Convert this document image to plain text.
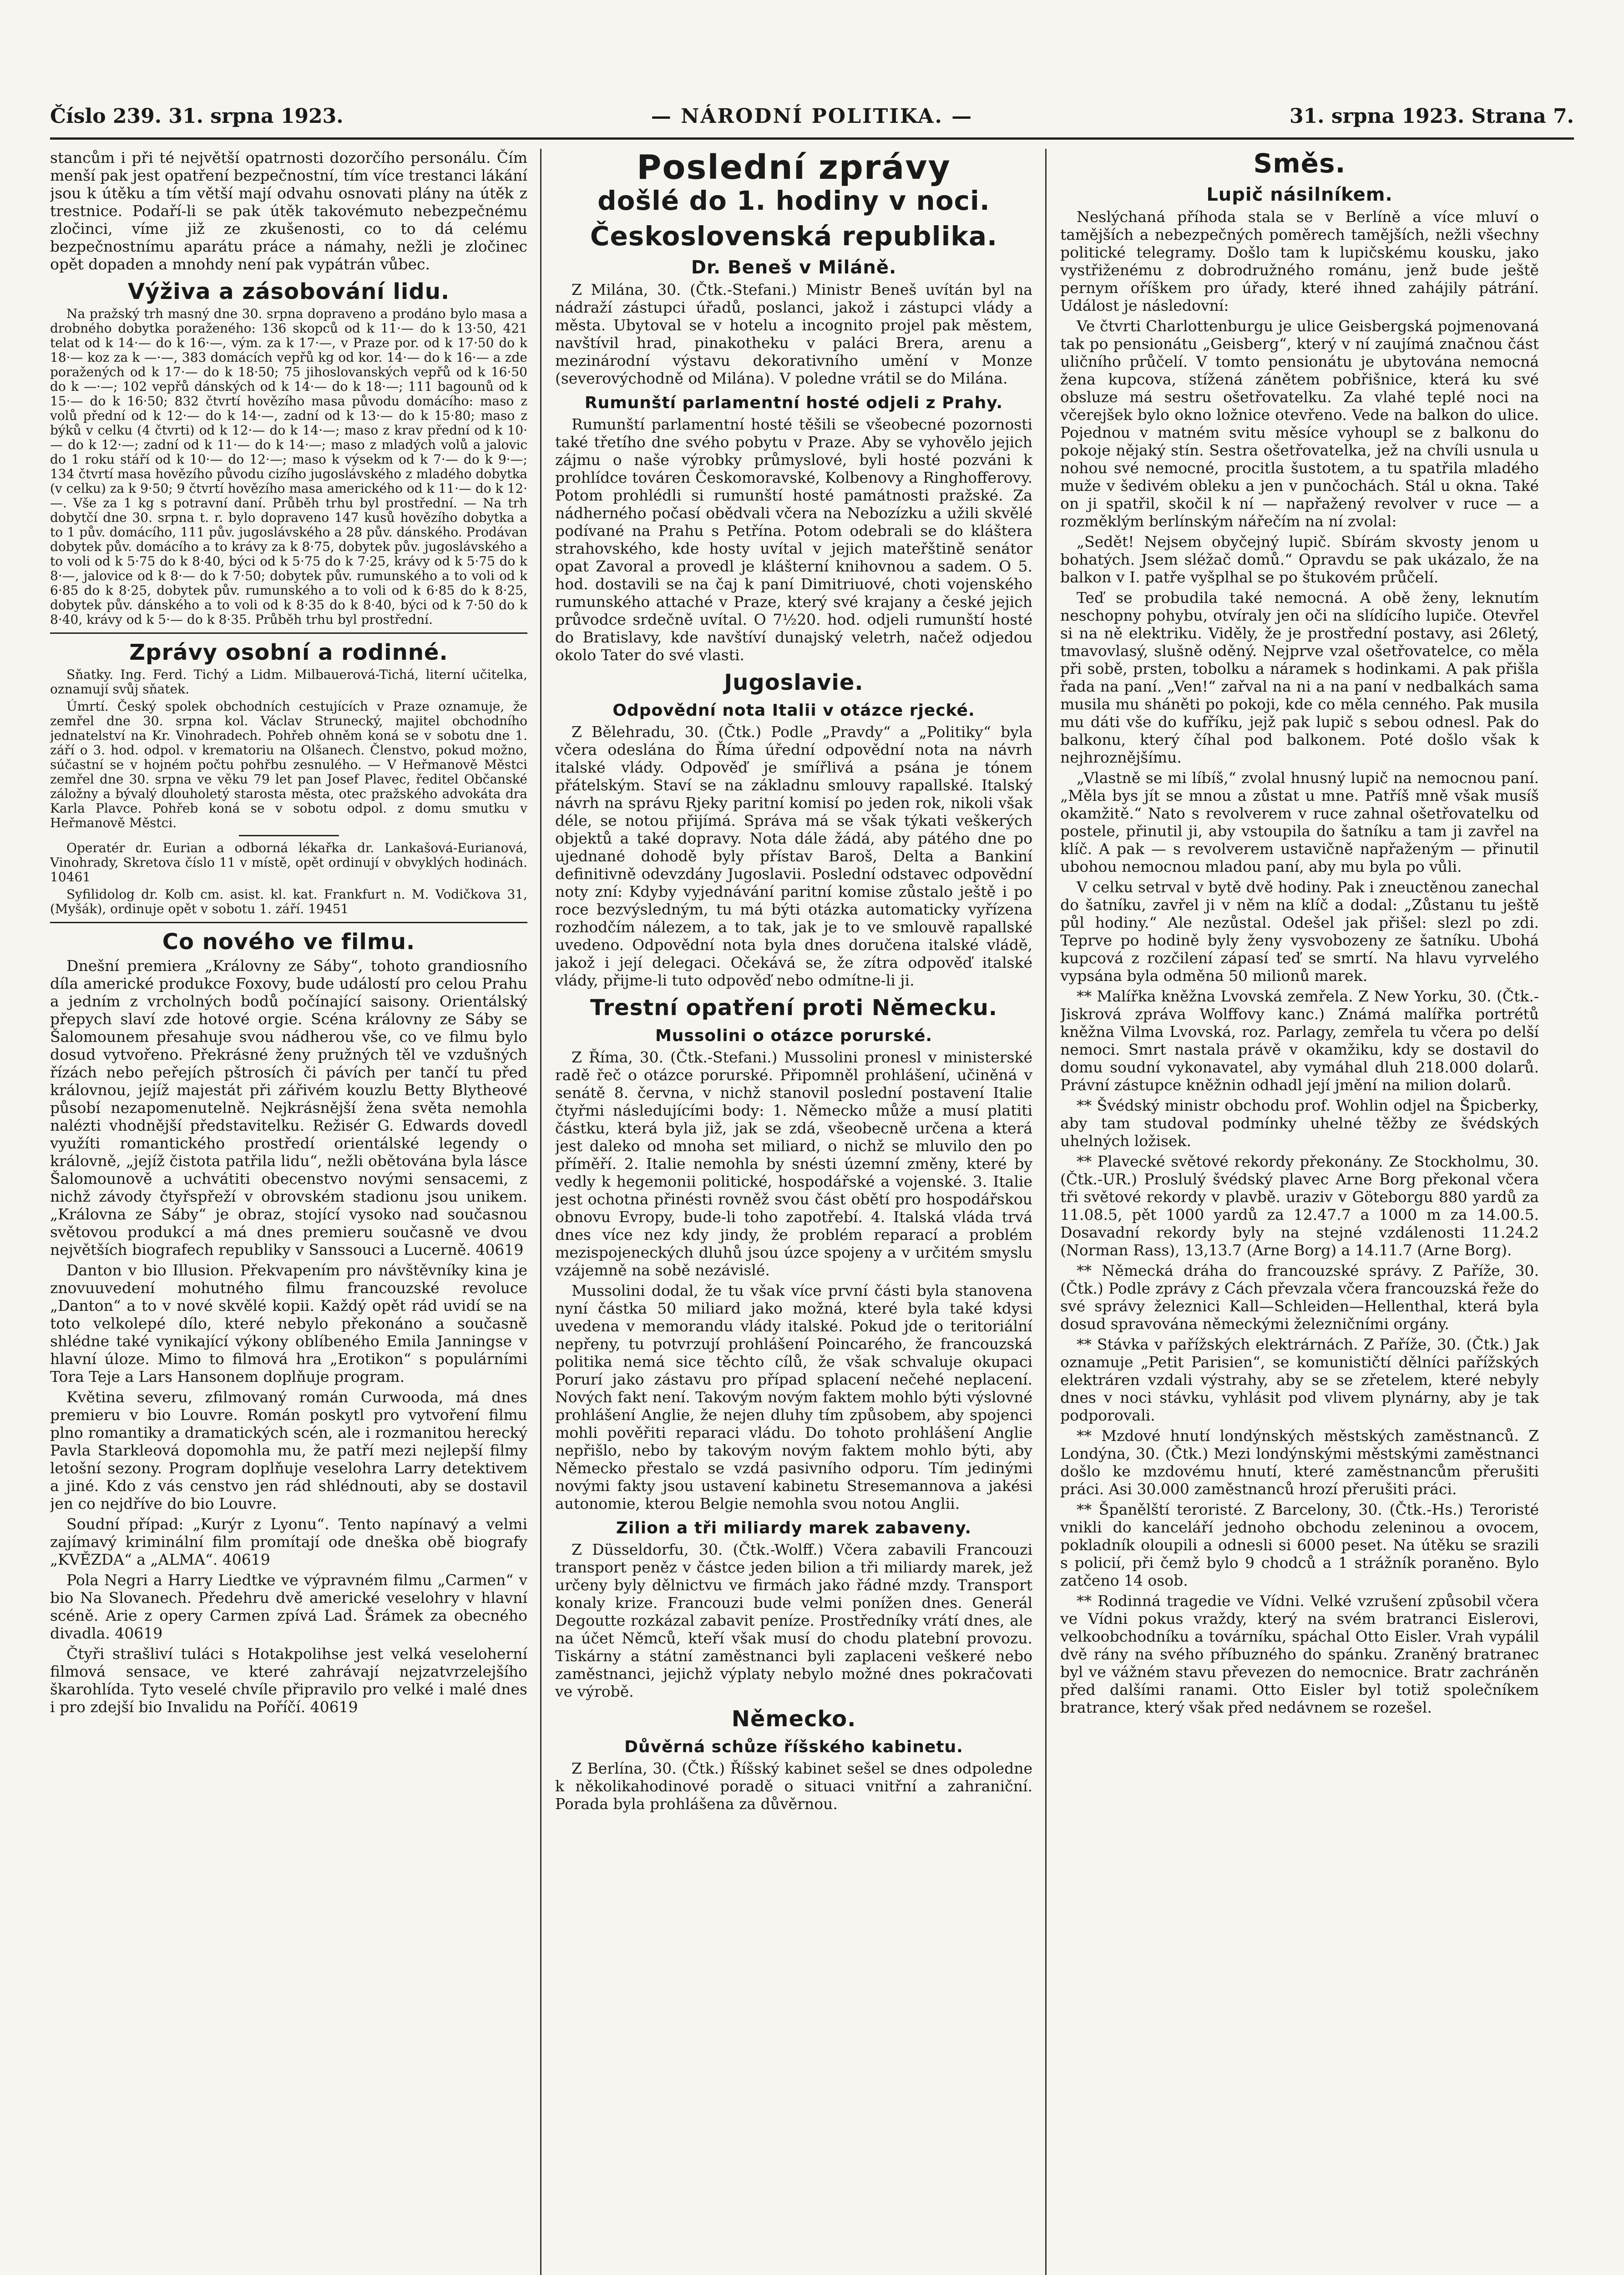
Číslo 239. 31. srpna 1923.	— NÁRODNÍ POLITIKA. —	31. srpna 1923. Strana 7.

stancům i při té největší opatrnosti dozorčího personálu. Čím menší pak jest opatření bezpečnostní, tím více trestanci lákání jsou k útěku a tím větší mají odvahu osnovati plány na útěk z trestnice. Podaří-li se pak útěk takovémuto nebezpečnému zločinci, víme již ze zkušenosti, co to dá celému bezpečnostnímu aparátu práce a námahy, nežli je zločinec opět dopaden a mnohdy není pak vypátrán vůbec.

Výživa a zásobování lidu.

Na pražský trh masný dne 30. srpna dopraveno a prodáno bylo masa a drobného dobytka poraženého: 136 skopců od k 11·— do k 13·50, 421 telat od k 14·— do k 16·—, vým. za k 17·—, v Praze por. od k 17·50 do k 18·— koz za k —·—, 383 domácích vepřů kg od kor. 14·— do k 16·— a zde poražených od k 17·— do k 18·50; 75 jihoslovanských vepřů od k 16·50 do k —·—; 102 vepřů dánských od k 14·— do k 18·—; 111 bagounů od k 15·— do k 16·50; 832 čtvrtí hovězího masa původu domácího: maso z volů přední od k 12·— do k 14·—, zadní od k 13·— do k 15·80; maso z býků v celku (4 čtvrti) od k 12·— do k 14·—; maso z krav přední od k 10·— do k 12·—; zadní od k 11·— do k 14·—; maso z mladých volů a jalovic do 1 roku stáří od k 10·— do 12·—; maso k výsekm od k 7·— do k 9·—; 134 čtvrtí masa hovězího původu cizího jugoslávského z mladého dobytka (v celku) za k 9·50; 9 čtvrtí hovězího masa amerického od k 11·— do k 12·—. Vše za 1 kg s potravní daní. Průběh trhu byl prostřední. — Na trh dobytčí dne 30. srpna t. r. bylo dopraveno 147 kusů hovězího dobytka a to 1 pův. domácího, 111 pův. jugoslávského a 28 pův. dánského. Prodávan dobytek pův. domácího a to krávy za k 8·75, dobytek pův. jugoslávského a to voli od k 5·75 do k 8·40, býci od k 5·75 do k 7·25, krávy od k 5·75 do k 8·—, jalovice od k 8·— do k 7·50; dobytek pův. rumunského a to voli od k 6·85 do k 8·25, dobytek pův. rumunského a to voli od k 6·85 do k 8·25, dobytek pův. dánského a to voli od k 8·35 do k 8·40, býci od k 7·50 do k 8·40, krávy od k 5·— do k 8·35. Průběh trhu byl prostřední.

Zprávy osobní a rodinné.

Sňatky. Ing. Ferd. Tichý a Lidm. Milbauerová-Tichá, literní učitelka, oznamují svůj sňatek.

Úmrtí. Český spolek obchodních cestujících v Praze oznamuje, že zemřel dne 30. srpna kol. Václav Strunecký, majitel obchodního jednatelství na Kr. Vinohradech. Pohřeb ohněm koná se v sobotu dne 1. září o 3. hod. odpol. v krematoriu na Olšanech. Členstvo, pokud možno, súčastní se v hojném počtu pohřbu zesnulého. — V Heřmanově Městci zemřel dne 30. srpna ve věku 79 let pan Josef Plavec, ředitel Občanské záložny a bývalý dlouholetý starosta města, otec pražského advokáta dra Karla Plavce. Pohřeb koná se v sobotu odpol. z domu smutku v Heřmanově Městci.

Operatér dr. Eurian a odborná lékařka dr. Lankašová-Eurianová, Vinohrady, Skretova číslo 11 v místě, opět ordinují v obvyklých hodinách. 10461

Syfilidolog dr. Kolb cm. asist. kl. kat. Frankfurt n. M. Vodičkova 31, (Myšák), ordinuje opět v sobotu 1. září. 19451

Co nového ve filmu.

Dnešní premiera „Královny ze Sáby“, tohoto grandiosního díla americké produkce Foxovy, bude událostí pro celou Prahu a jedním z vrcholných bodů počínající saisony. Orientálský přepych slaví zde hotové orgie. Scéna královny ze Sáby se Šalomounem přesahuje svou nádherou vše, co ve filmu bylo dosud vytvořeno. Překrásné ženy pružných těl ve vzdušných řízách nebo peřejích pštrosích či pávích per tančí tu před královnou, jejíž majestát při zářivém kouzlu Betty Blytheové působí nezapomenutelně. Nejkrásnější žena světa nemohla nalézti vhodnější představitelku. Režisér G. Edwards dovedl využíti romantického prostředí orientálské legendy o královně, „jejíž čistota patřila lidu“, nežli obětována byla lásce Šalomounově a uchvátiti obecenstvo novými sensacemi, z nichž závody čtyřspřeží v obrovském stadionu jsou unikem. „Královna ze Sáby“ je obraz, stojící vysoko nad současnou světovou produkcí a má dnes premieru současně ve dvou největších biografech republiky v Sanssouci a Lucerně. 40619

Danton v bio Illusion. Překvapením pro návštěvníky kina je znovuuvedení mohutného filmu francouzské revoluce „Danton“ a to v nové skvělé kopii. Každý opět rád uvidí se na toto velkolepé dílo, které nebylo překonáno a současně shlédne také vynikající výkony oblíbeného Emila Janningse v hlavní úloze. Mimo to filmová hra „Erotikon“ s populárními Tora Teje a Lars Hansonem doplňuje program.

Květina severu, zfilmovaný román Curwooda, má dnes premieru v bio Louvre. Román poskytl pro vytvoření filmu plno romantiky a dramatických scén, ale i rozmanitou herecký Pavla Starkleová dopomohla mu, že patří mezi nejlepší filmy letošní sezony. Program doplňuje veselohra Larry detektivem a jiné. Kdo z vás censtvo jen rád shlédnouti, aby se dostavil jen co nejdříve do bio Louvre.

Soudní případ: „Kurýr z Lyonu“. Tento napínavý a velmi zajímavý kriminální film promítají ode dneška obě biografy „KVĚZDA“ a „ALMA“. 40619

Pola Negri a Harry Liedtke ve výpravném filmu „Carmen“ v bio Na Slovanech. Předehru dvě americké veselohry v hlavní scéně. Arie z opery Carmen zpívá Lad. Šrámek za obecného divadla. 40619

Čtyři strašliví tuláci s Hotakpolihse jest velká veseloherní filmová sensace, ve které zahrávají nejzatvrzelejšího škarohlída. Tyto veselé chvíle připravilo pro velké i malé dnes i pro zdejší bio Invalidu na Poříčí. 40619

Poslední zprávy
došlé do 1. hodiny v noci.
Československá republika.
Dr. Beneš v Miláně.

Z Milána, 30. (Čtk.-Stefani.) Ministr Beneš uvítán byl na nádraží zástupci úřadů, poslanci, jakož i zástupci vlády a města. Ubytoval se v hotelu a incognito projel pak městem, navštívil hrad, pinakotheku v paláci Brera, arenu a mezinárodní výstavu dekorativního umění v Monze (severovýchodně od Milána). V poledne vrátil se do Milána.

Rumunští parlamentní hosté odjeli z Prahy.

Rumunští parlamentní hosté těšili se všeobecné pozornosti také třetího dne svého pobytu v Praze. Aby se vyhovělo jejich zájmu o naše výrobky průmyslové, byli hosté pozváni k prohlídce továren Českomoravské, Kolbenovy a Ringhofferovy. Potom prohlédli si rumunští hosté památnosti pražské. Za nádherného počasí obědvali včera na Nebozízku a užili skvělé podívané na Prahu s Petřína. Potom odebrali se do kláštera strahovského, kde hosty uvítal v jejich mateřštině senátor opat Zavoral a provedl je klášterní knihovnou a sadem. O 5. hod. dostavili se na čaj k paní Dimitriuové, choti vojenského rumunského attaché v Praze, který své krajany a české jejich průvodce srdečně uvítal. O 7½20. hod. odjeli rumunští hosté do Bratislavy, kde navštíví dunajský veletrh, načež odjedou okolo Tater do své vlasti.

Jugoslavie.
Odpovědní nota Italii v otázce rjecké.

Z Bělehradu, 30. (Čtk.) Podle „Pravdy“ a „Politiky“ byla včera odeslána do Říma úřední odpovědní nota na návrh italské vlády. Odpověď je smířlivá a psána je tónem přátelským. Staví se na základnu smlouvy rapallské. Italský návrh na správu Rjeky paritní komisí po jeden rok, nikoli však déle, se notou přijímá. Správa má se však týkati veškerých objektů a také dopravy. Nota dále žádá, aby pátého dne po ujednané dohodě byly přístav Baroš, Delta a Bankiní definitivně odevzdány Jugoslavii. Poslední odstavec odpovědní noty zní: Kdyby vyjednávání paritní komise zůstalo ještě i po roce bezvýsledným, tu má býti otázka automaticky vyřízena rozhodčím nálezem, a to tak, jak je to ve smlouvě rapallské uvedeno. Odpovědní nota byla dnes doručena italské vládě, jakož i její delegaci. Očekává se, že zítra odpověď italské vlády, přijme-li tuto odpověď nebo odmítne-li ji.

Trestní opatření proti Německu.
Mussolini o otázce porurské.

Z Říma, 30. (Čtk.-Stefani.) Mussolini pronesl v ministerské radě řeč o otázce porurské. Připomněl prohlášení, učiněná v senátě 8. června, v nichž stanovil poslední postavení Italie čtyřmi následujícími body: 1. Německo může a musí platiti částku, která byla již, jak se zdá, všeobecně určena a která jest daleko od mnoha set miliard, o nichž se mluvilo den po příměří. 2. Italie nemohla by snésti územní změny, které by vedly k hegemonii politické, hospodářské a vojenské. 3. Italie jest ochotna přinésti rovněž svou část obětí pro hospodářskou obnovu Evropy, bude-li toho zapotřebí. 4. Italská vláda trvá dnes více nez kdy jindy, že problém reparací a problém mezispojeneckých dluhů jsou úzce spojeny a v určitém smyslu vzájemně na sobě nezávislé.

Mussolini dodal, že tu však více první části byla stanovena nyní částka 50 miliard jako možná, které byla také kdysi uvedena v memorandu vlády italské. Pokud jde o teritoriální nepřeny, tu potvrzují prohlášení Poincarého, že francouzská politika nemá sice těchto cílů, že však schvaluje okupaci Porurí jako zástavu pro případ splacení nečehé neplacení. Nových fakt není. Takovým novým faktem mohlo býti výslovné prohlášení Anglie, že nejen dluhy tím způsobem, aby spojenci mohli pověřiti reparaci vládu. Do tohoto prohlášení Anglie nepřišlo, nebo by takovým novým faktem mohlo býti, aby Německo přestalo se vzdá pasivního odporu. Tím jedinými novými fakty jsou ustavení kabinetu Stresemannova a jakési autonomie, kterou Belgie nemohla svou notou Anglii.

Zilion a tři miliardy marek zabaveny.

Z Düsseldorfu, 30. (Čtk.-Wolff.) Včera zabavili Francouzi transport peněz v částce jeden bilion a tři miliardy marek, jež určeny byly dělnictvu ve firmách jako řádné mzdy. Transport konaly krize. Francouzi bude velmi ponížen dnes. Generál Degoutte rozkázal zabavit peníze. Prostředníky vrátí dnes, ale na účet Němců, kteří však musí do chodu platební provozu. Tiskárny a státní zaměstnanci byli zaplaceni veškeré nebo zaměstnanci, jejichž výplaty nebylo možné dnes pokračovati ve výrobě.

Německo.
Důvěrná schůze říšského kabinetu.

Z Berlína, 30. (Čtk.) Říšský kabinet sešel se dnes odpoledne k několikahodinové poradě o situaci vnitřní a zahraniční. Porada byla prohlášena za důvěrnou.

Směs.
Lupič násilníkem.

Neslýchaná příhoda stala se v Berlíně a více mluví o tamějších a nebezpečných poměrech tamějších, nežli všechny politické telegramy. Došlo tam k lupičskému kousku, jako vystřiženému z dobrodružného románu, jenž bude ještě pernym oříškem pro úřady, které ihned zahájily pátrání. Událost je následovní:

Ve čtvrti Charlottenburgu je ulice Geisbergská pojmenovaná tak po pensionátu „Geisberg“, který v ní zaujímá značnou část uličního průčelí. V tomto pensionátu je ubytována nemocná žena kupcova, stížená zánětem pobřišnice, která ku své obsluze má sestru ošetřovatelku. Za vlahé teplé noci na včerejšek bylo okno ložnice otevřeno. Vede na balkon do ulice. Pojednou v matném svitu měsíce vyhoupl se z balkonu do pokoje nějaký stín. Sestra ošetřovatelka, jež na chvíli usnula u nohou své nemocné, procitla šustotem, a tu spatřila mladého muže v šedivém obleku a jen v punčochách. Stál u okna. Také on ji spatřil, skočil k ní — napřažený revolver v ruce — a rozměklým berlínským nářečím na ní zvolal:

„Sedět! Nejsem obyčejný lupič. Sbírám skvosty jenom u bohatých. Jsem sléžač domů.“ Opravdu se pak ukázalo, že na balkon v I. patře vyšplhal se po štukovém průčelí.

Teď se probudila také nemocná. A obě ženy, leknutím neschopny pohybu, otvíraly jen oči na slídícího lupiče. Otevřel si na ně elektriku. Viděly, že je prostřední postavy, asi 26letý, tmavovlasý, slušně oděný. Nejprve vzal ošetřovatelce, co měla při sobě, prsten, tobolku a náramek s hodinkami. A pak přišla řada na paní. „Ven!“ zařval na ni a na paní v nedbalkách sama musila mu sháněti po pokoji, kde co měla cenného. Pak musila mu dáti vše do kufříku, jejž pak lupič s sebou odnesl. Pak do balkonu, který číhal pod balkonem. Poté došlo však k nejhroznějšímu.

„Vlastně se mi líbíš,“ zvolal hnusný lupič na nemocnou paní. „Měla bys jít se mnou a zůstat u mne. Patříš mně však musíš okamžitě.“ Nato s revolverem v ruce zahnal ošetřovatelku od postele, přinutil ji, aby vstoupila do šatníku a tam ji zavřel na klíč. A pak — s revolverem ustavičně napřaženým — přinutil ubohou nemocnou mladou paní, aby mu byla po vůli.

V celku setrval v bytě dvě hodiny. Pak i zneuctěnou zanechal do šatníku, zavřel ji v něm na klíč a dodal: „Zůstanu tu ještě půl hodiny.“ Ale nezůstal. Odešel jak přišel: slezl po zdi. Teprve po hodině byly ženy vysvobozeny ze šatníku. Ubohá kupcová z rozčilení zápasí teď se smrtí. Na hlavu vyrvelého vypsána byla odměna 50 milionů marek.

** Malířka kněžna Lvovská zemřela. Z New Yorku, 30. (Čtk.-Jiskrová zpráva Wolffovy kanc.) Známá malířka portrétů kněžna Vilma Lvovská, roz. Parlagy, zemřela tu včera po delší nemoci. Smrt nastala právě v okamžiku, kdy se dostavil do domu soudní vykonavatel, aby vymáhal dluh 218.000 dolarů. Právní zástupce kněžnin odhadl její jmění na milion dolarů.

** Švédský ministr obchodu prof. Wohlin odjel na Špicberky, aby tam studoval podmínky uhelné těžby ze švédských uhelných ložisek.

** Plavecké světové rekordy překonány. Ze Stockholmu, 30. (Čtk.-UR.) Proslulý švédský plavec Arne Borg překonal včera tři světové rekordy v plavbě. uraziv v Göteborgu 880 yardů za 11.08.5, pět 1000 yardů za 12.47.7 a 1000 m za 14.00.5. Dosavadní rekordy byly na stejné vzdálenosti 11.24.2 (Norman Rass), 13,13.7 (Arne Borg) a 14.11.7 (Arne Borg).

** Německá dráha do francouzské správy. Z Paříže, 30. (Čtk.) Podle zprávy z Cách převzala včera francouzská řeže do své správy železnici Kall—Schleiden—Hellenthal, která byla dosud spravována německými železničními orgány.

** Stávka v pařížských elektrárnách. Z Paříže, 30. (Čtk.) Jak oznamuje „Petit Parisien“, se komunističtí dělníci pařížských elektráren vzdali výstrahy, aby se se zřetelem, které nebyly dnes v noci stávku, vyhlásit pod vlivem plynárny, aby je tak podporovali.

** Mzdové hnutí londýnských městských zaměstnanců. Z Londýna, 30. (Čtk.) Mezi londýnskými městskými zaměstnanci došlo ke mzdovému hnutí, které zaměstnancům přerušiti práci. Asi 30.000 zaměstnanců hrozí přerušiti práci.

** Španělští teroristé. Z Barcelony, 30. (Čtk.-Hs.) Teroristé vnikli do kanceláří jednoho obchodu zeleninou a ovocem, pokladník oloupili a odnesli si 6000 peset. Na útěku se srazili s policií, při čemž bylo 9 chodců a 1 strážník poraněno. Bylo zatčeno 14 osob.

** Rodinná tragedie ve Vídni. Velké vzrušení způsobil včera ve Vídni pokus vraždy, který na svém bratranci Eislerovi, velkoobchodníku a továrníku, spáchal Otto Eisler. Vrah vypálil dvě rány na svého příbuzného do spánku. Zraněný bratranec byl ve vážném stavu převezen do nemocnice. Bratr zachráněn před dalšími ranami. Otto Eisler byl totiž společníkem bratrance, který však před nedávnem se rozešel.
